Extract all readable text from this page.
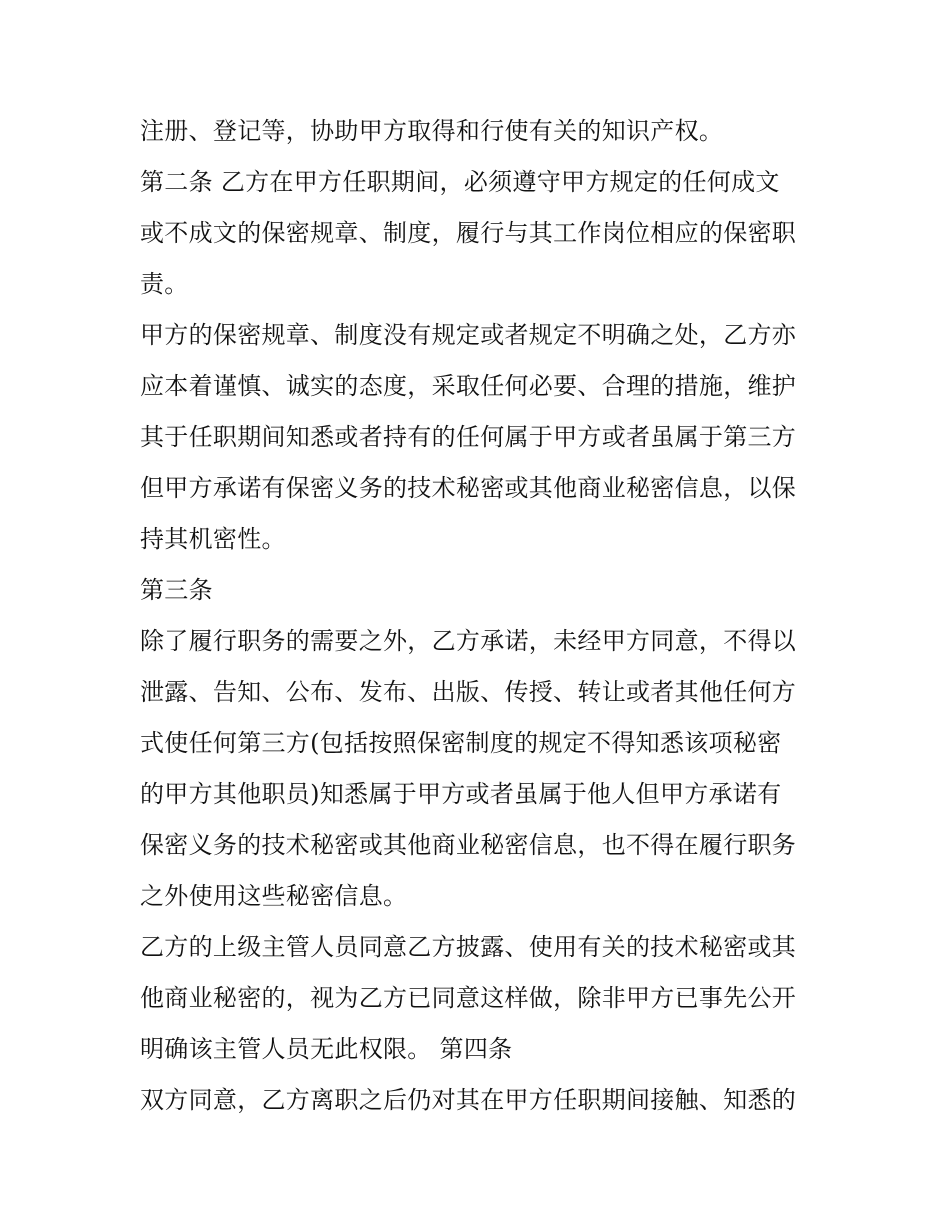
注册、登记等，协助甲方取得和行使有关的知识产权。
第二条 乙方在甲方任职期间，必须遵守甲方规定的任何成文
或不成文的保密规章、制度，履行与其工作岗位相应的保密职
责。
甲方的保密规章、制度没有规定或者规定不明确之处，乙方亦
应本着谨慎、诚实的态度，采取任何必要、合理的措施，维护
其于任职期间知悉或者持有的任何属于甲方或者虽属于第三方
但甲方承诺有保密义务的技术秘密或其他商业秘密信息，以保
持其机密性。
第三条
除了履行职务的需要之外，乙方承诺，未经甲方同意，不得以
泄露、告知、公布、发布、出版、传授、转让或者其他任何方
式使任何第三方(包括按照保密制度的规定不得知悉该项秘密
的甲方其他职员)知悉属于甲方或者虽属于他人但甲方承诺有
保密义务的技术秘密或其他商业秘密信息，也不得在履行职务
之外使用这些秘密信息。
乙方的上级主管人员同意乙方披露、使用有关的技术秘密或其
他商业秘密的，视为乙方已同意这样做，除非甲方已事先公开
明确该主管人员无此权限。 第四条
双方同意，乙方离职之后仍对其在甲方任职期间接触、知悉的
